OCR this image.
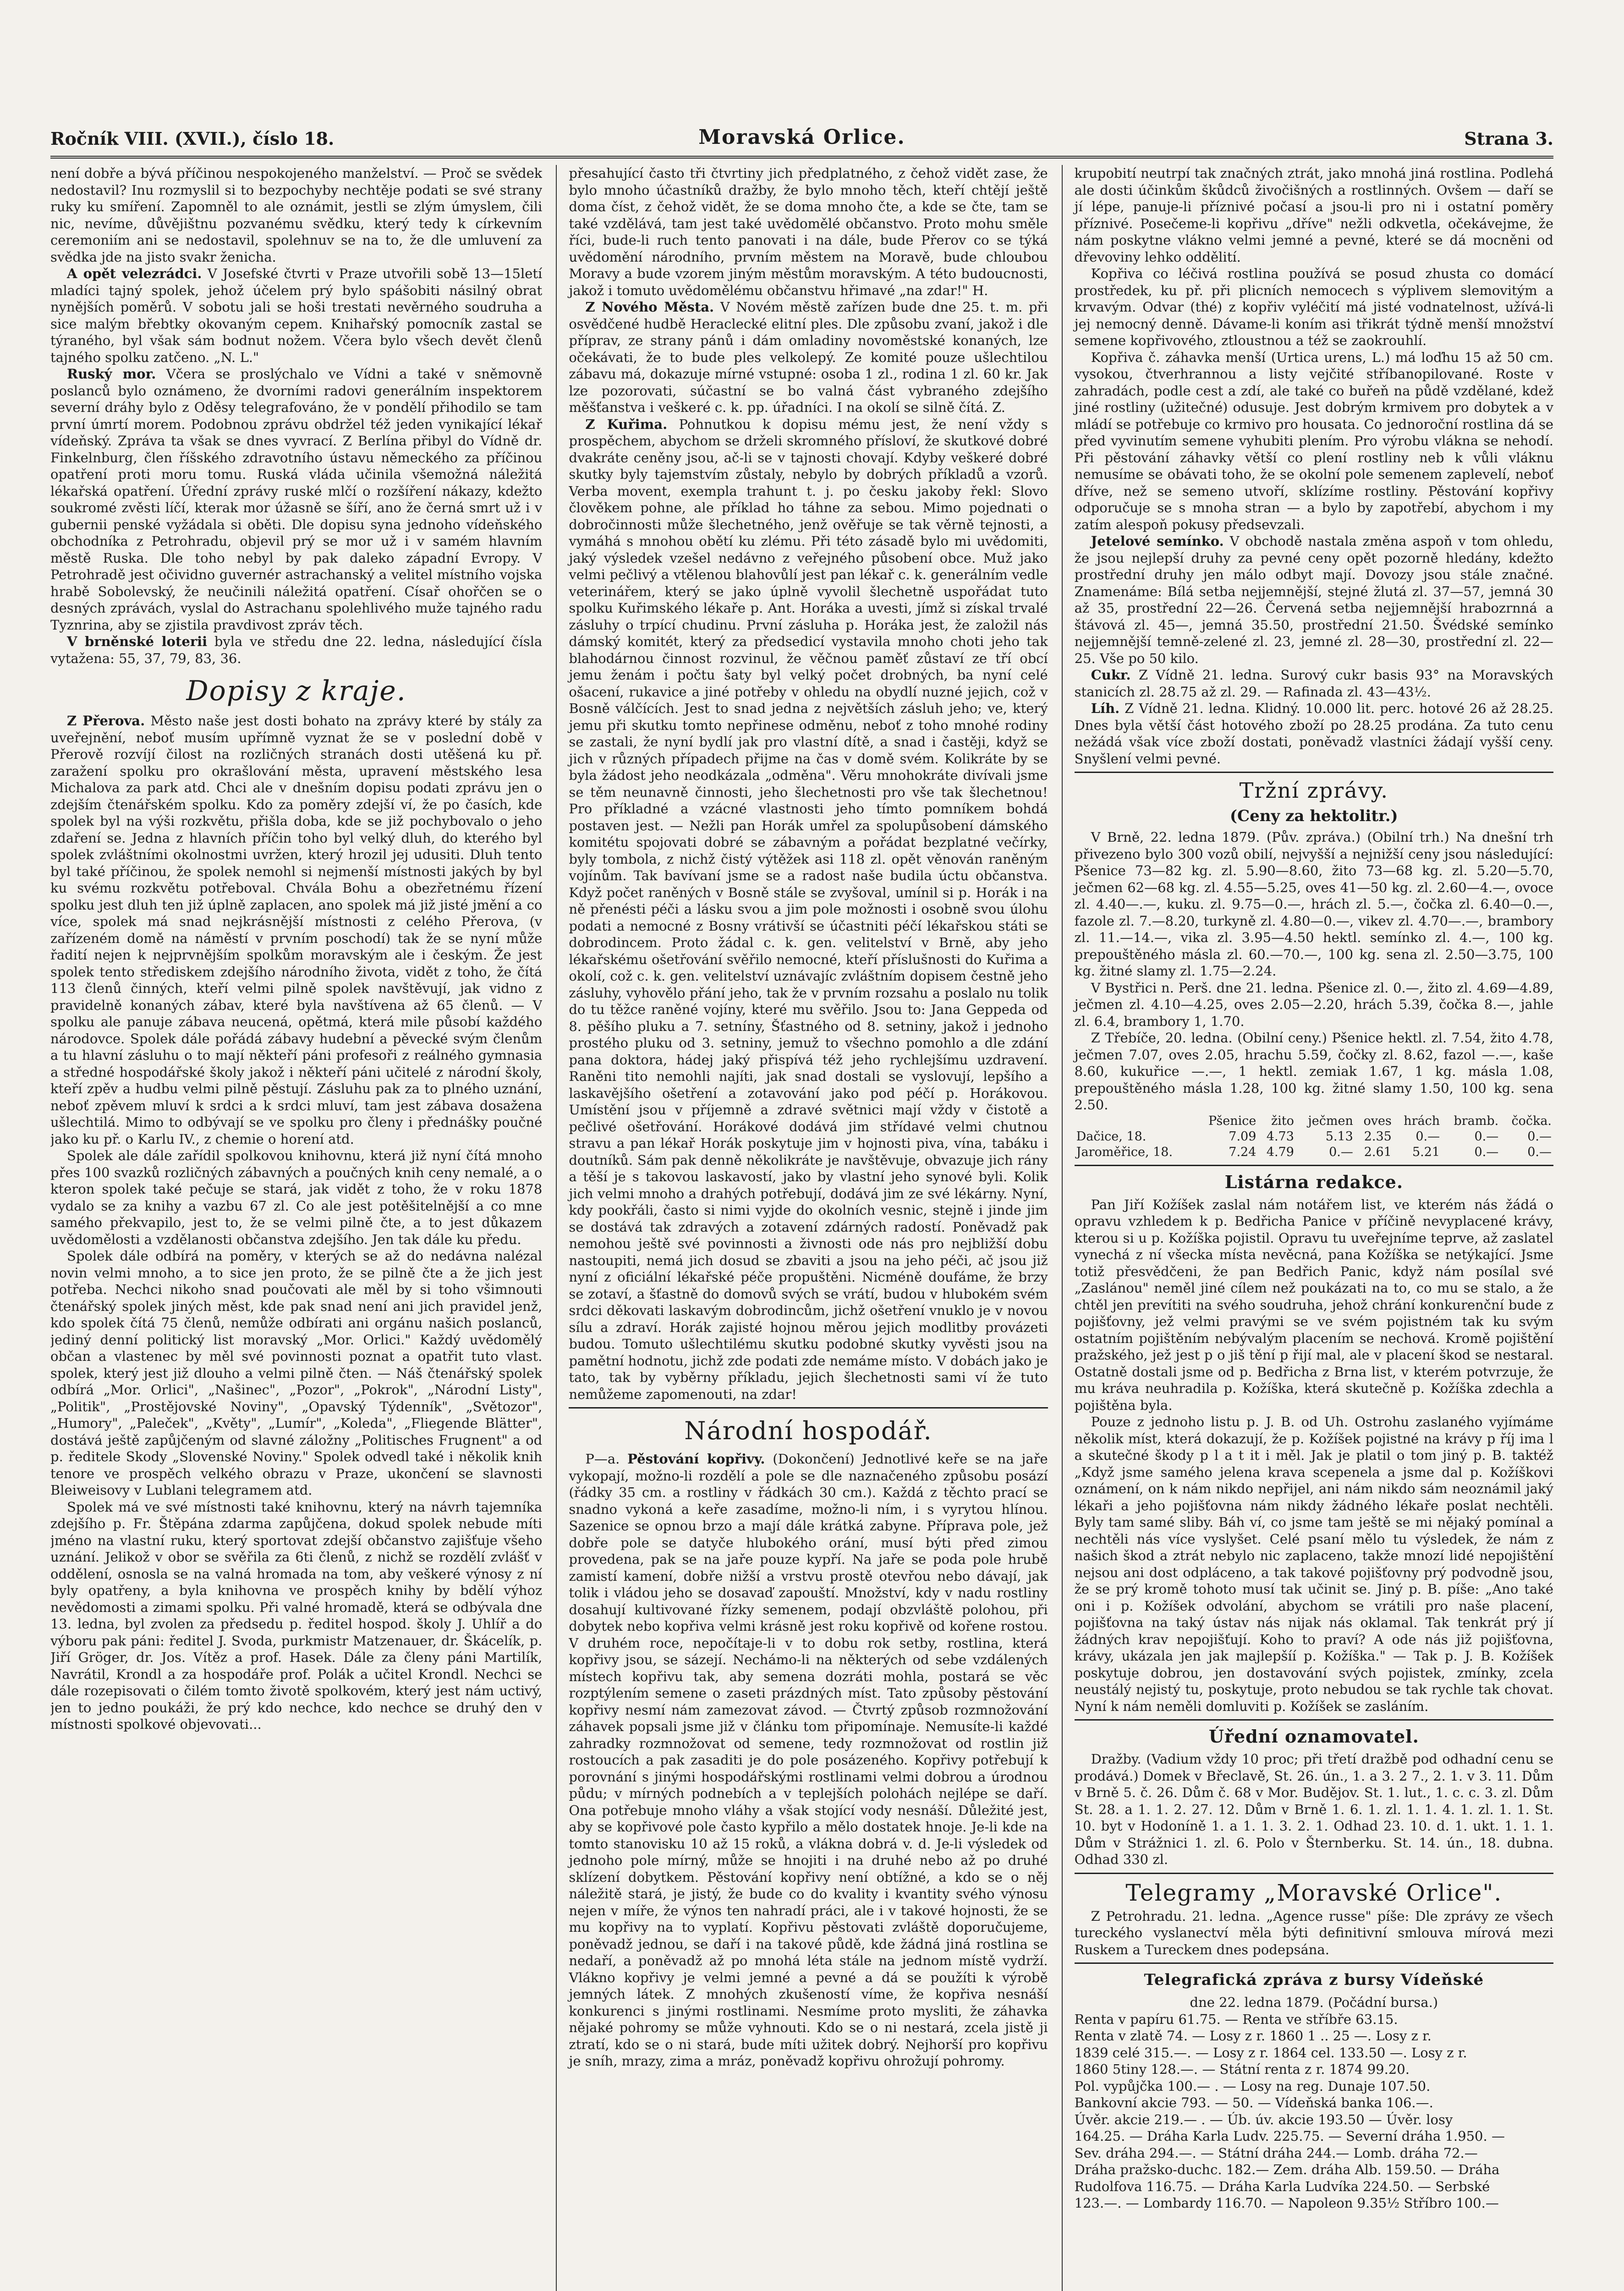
Ročník VIII. (XVII.), číslo 18.	Moravská Orlice.	Strana 3.

není dobře a bývá příčinou nespokojeného manželství. — Proč se svědek nedostavil? Inu rozmyslil si to bezpochyby nechtěje podati se své strany ruky ku smíření. Zapomněl to ale oznámit, jestli se zlým úmyslem, čili nic, nevíme, důvějištnu pozvanému svědku, který tedy k církevním ceremoniím ani se nedostavil, spolehnuv se na to, že dle umluvení za svědka jde na jisto svakr ženicha.

A opět velezrádci. V Josefské čtvrti v Praze utvořili sobě 13—15letí mladíci tajný spolek, jehož účelem prý bylo spášobiti násilný obrat nynějších poměrů. V sobotu jali se hoši trestati nevěrného soudruha a sice malým břebtky okovaným cepem. Knihařský pomocník zastal se týraného, byl však sám bodnut nožem. Včera bylo všech devět členů tajného spolku zatčeno. „N. L."

Ruský mor. Včera se proslýchalo ve Vídni a také v sněmovně poslanců bylo oznámeno, že dvorními radovi generálním inspektorem severní dráhy bylo z Oděsy telegrafováno, že v pondělí přihodilo se tam první úmrtí morem. Podobnou zprávu obdržel též jeden vynikající lékař vídeňský. Zpráva ta však se dnes vyvrací. Z Berlína přibyl do Vídně dr. Finkelnburg, člen říšského zdravotního ústavu německého za příčinou opatření proti moru tomu. Ruská vláda učinila všemožná náležitá lékařská opatření. Úřední zprávy ruské mlčí o rozšíření nákazy, kdežto soukromé zvěsti líčí, kterak mor úžasně se šíří, ano že černá smrt už i v gubernii penské vyžádala si oběti. Dle dopisu syna jednoho vídeňského obchodníka z Petrohradu, objevil prý se mor už i v samém hlavním městě Ruska. Dle toho nebyl by pak daleko západní Evropy. V Petrohradě jest očividno guvernér astrachanský a velitel místního vojska hrabě Sobolevský, že neučinili náležitá opatření. Císař ohořčen se o desných zprávách, vyslal do Astrachanu spolehlivého muže tajného radu Tyznrina, aby se zjistila pravdivost zpráv těch.

V brněnské loterii byla ve středu dne 22. ledna, následující čísla vytažena: 55, 37, 79, 83, 36.

Dopisy z kraje.

Z Přerova. Město naše jest dosti bohato na zprávy které by stály za uveřejnění, neboť musím upřímně vyznat že se v poslední době v Přerově rozvíjí čilost na rozličných stranách dosti utěšená ku př. zaražení spolku pro okrašlování města, upravení městského lesa Michalova za park atd. Chci ale v dnešním dopisu podati zprávu jen o zdejším čtenářském spolku. Kdo za poměry zdejší ví, že po časích, kde spolek byl na výši rozkvětu, přišla doba, kde se již pochybovalo o jeho zdaření se. Jedna z hlavních příčin toho byl velký dluh, do kterého byl spolek zvláštními okolnostmi uvržen, který hrozil jej udusiti. Dluh tento byl také příčinou, že spolek nemohl si nejmenší místnosti jakých by byl ku svému rozkvětu potřeboval. Chvála Bohu a obezřetnému řízení spolku jest dluh ten již úplně zaplacen, ano spolek má již jisté jmění a co více, spolek má snad nejkrásnější místnosti z celého Přerova, (v zařízeném domě na náměstí v prvním poschodí) tak že se nyní může řadití nejen k nejprvnějším spolkům moravským ale i českým. Že jest spolek tento střediskem zdejšího národního života, vidět z toho, že čítá 113 členů činných, kteří velmi pilně spolek navštěvují, jak vidno z pravidelně konaných zábav, které byla navštívena až 65 členů. — V spolku ale panuje zábava neucená, opětmá, která mile působí každého národovce. Spolek dále pořádá zábavy hudební a pěvecké svým členům a tu hlavní zásluhu o to mají někteří páni profesoři z reálného gymnasia a středné hospodářské školy jakož i někteří páni učitelé z národní školy, kteří zpěv a hudbu velmi pilně pěstují. Zásluhu pak za to plného uznání, neboť zpěvem mluví k srdci a k srdci mluví, tam jest zábava dosažena ušlechtilá. Mimo to odbývají se ve spolku pro členy i přednášky poučné jako ku př. o Karlu IV., z chemie o horení atd.

Spolek ale dále zařídil spolkovou knihovnu, která již nyní čítá mnoho přes 100 svazků rozličných zábavných a poučných knih ceny nemalé, a o kteron spolek také pečuje se stará, jak vidět z toho, že v roku 1878 vydalo se za knihy a vazbu 67 zl. Co ale jest potěšitelnější a co mne samého překvapilo, jest to, že se velmi pilně čte, a to jest důkazem uvědomělosti a vzdělanosti občanstva zdejšího. Jen tak dále ku předu.

Spolek dále odbírá na poměry, v kterých se až do nedávna nalézal novin velmi mnoho, a to sice jen proto, že se pilně čte a že jich jest potřeba. Nechci nikoho snad poučovati ale měl by si toho všimnouti čtenářský spolek jiných měst, kde pak snad není ani jich pravidel jenž, kdo spolek čítá 75 členů, nemůže odbírati ani orgánu našich poslanců, jediný denní politický list moravský „Mor. Orlici." Každý uvědomělý občan a vlastenec by měl své povinnosti poznat a opatřit tuto vlast. spolek, který jest již dlouho a velmi pilně čten. — Náš čtenářský spolek odbírá „Mor. Orlici", „Našinec", „Pozor", „Pokrok", „Národní Listy", „Politik", „Prostějovské Noviny", „Opavský Týdenník", „Světozor", „Humory", „Paleček", „Květy", „Lumír", „Koleda", „Fliegende Blätter", dostává ještě zapůjčeným od slavné záložny „Politisches Frugnent" a od p. ředitele Skody „Slovenské Noviny." Spolek odvedl také i několik knih tenore ve prospěch velkého obrazu v Praze, ukončení se slavnosti Bleiweisovy v Lublani telegramem atd.

Spolek má ve své místnosti také knihovnu, který na návrh tajemníka zdejšího p. Fr. Štěpána zdarma zapůjčena, dokud spolek nebude míti jméno na vlastní ruku, který sportovat zdejší občanstvo zajišťuje všeho uznání. Jelikož v obor se svěřila za 6ti členů, z nichž se rozdělí zvlášť v oddělení, osnosla se na valná hromada na tom, aby veškeré výnosy z ní byly opatřeny, a byla knihovna ve prospěch knihy by bdělí výhoz nevědomosti a zimami spolku. Při valné hromadě, která se odbývala dne 13. ledna, byl zvolen za předsedu p. ředitel hospod. školy J. Uhlíř a do výboru pak páni: ředitel J. Svoda, purkmistr Matzenauer, dr. Škácelík, p. Jiří Gröger, dr. Jos. Vítěz a prof. Hasek. Dále za členy páni Martilík, Navrátil, Krondl a za hospodáře prof. Polák a učitel Krondl. Nechci se dále rozepisovati o čilém tomto životě spolkovém, který jest nám uctivý, jen to jedno poukáži, že prý kdo nechce, kdo nechce se druhý den v místnosti spolkové objevovati...

přesahující často tři čtvrtiny jich předplatného, z čehož vidět zase, že bylo mnoho účastníků dražby, že bylo mnoho těch, kteří chtějí ještě doma číst, z čehož vidět, že se doma mnoho čte, a kde se čte, tam se také vzdělává, tam jest také uvědomělé občanstvo. Proto mohu směle říci, bude-li ruch tento panovati i na dále, bude Přerov co se týká uvědomění národního, prvním městem na Moravě, bude chloubou Moravy a bude vzorem jiným městům moravským. A této budoucnosti, jakož i tomuto uvědomělému občanstvu hřimavé „na zdar!" H.

Z Nového Města. V Novém městě zařízen bude dne 25. t. m. při osvědčené hudbě Heraclecké elitní ples. Dle způsobu zvaní, jakož i dle příprav, ze strany pánů i dám omladiny novoměstské konaných, lze očekávati, že to bude ples velkolepý. Ze komité pouze ušlechtilou zábavu má, dokazuje mírné vstupné: osoba 1 zl., rodina 1 zl. 60 kr. Jak lze pozorovati, súčastní se bo valná část vybraného zdejšího měšťanstva i veškeré c. k. pp. úřadníci. I na okolí se silně čítá. Z.

Z Kuřima. Pohnutkou k dopisu mému jest, že není vždy s prospěchem, abychom se drželi skromného přísloví, že skutkové dobré dvakráte ceněny jsou, ač-li se v tajnosti chovají. Kdyby veškeré dobré skutky byly tajemstvím zůstaly, nebylo by dobrých příkladů a vzorů. Verba movent, exempla trahunt t. j. po česku jakoby řekl: Slovo člověkem pohne, ale příklad ho táhne za sebou. Mimo pojednati o dobročinnosti může šlechetného, jenž ověřuje se tak věrně tejnosti, a vymáhá s mnohou obětí ku zlému. Při této zásadě bylo mi uvědomiti, jaký výsledek vzešel nedávno z veřejného působení obce. Muž jako velmi pečlivý a vtělenou blahovůlí jest pan lékař c. k. generálním vedle veterinářem, který se jako úplně vyvolil šlechetně uspořádat tuto spolku Kuřimského lékaře p. Ant. Horáka a uvesti, jímž si získal trvalé zásluhy o trpící chudinu. První zásluha p. Horáka jest, že založil nás dámský komitét, který za předsedicí vystavila mnoho choti jeho tak blahodárnou činnost rozvinul, že věčnou paměť zůstaví ze tří obcí jemu ženám i počtu šaty byl velký počet drobných, ba nyní celé ošacení, rukavice a jiné potřeby v ohledu na obydlí nuzné jejich, což v Bosně válčících. Jest to snad jedna z největších zásluh jeho; ve, který jemu při skutku tomto nepřinese odměnu, neboť z toho mnohé rodiny se zastali, že nyní bydlí jak pro vlastní dítě, a snad i častěji, když se jich v různých případech přijme na čas v domě svém. Kolikráte by se byla žádost jeho neodkázala „odměna". Věru mnohokráte divívali jsme se těm neunavně činnosti, jeho šlechetnosti pro vše tak šlechetnou! Pro příkladné a vzácné vlastnosti jeho tímto pomníkem bohdá postaven jest. — Nežli pan Horák umřel za spolupůsobení dámského komitétu spojovati dobré se zábavným a pořádat bezplatné večírky, byly tombola, z nichž čistý výtěžek asi 118 zl. opět věnován raněným vojínům. Tak bavívaní jsme se a radost naše budila úctu občanstva. Když počet raněných v Bosně stále se zvyšoval, umínil si p. Horák i na ně přenésti péči a lásku svou a jim pole možnosti i osobně svou úlohu podati a nemocné z Bosny vrátivší se účastniti péčí lékařskou státi se dobrodincem. Proto žádal c. k. gen. velitelství v Brně, aby jeho lékařskému ošetřování svěřilo nemocné, kteří příslušnosti do Kuřima a okolí, což c. k. gen. velitelství uznávajíc zvláštním dopisem čestně jeho zásluhy, vyhovělo přání jeho, tak že v prvním rozsahu a poslalo nu tolik do tu těžce raněné vojíny, které mu svěřilo. Jsou to: Jana Geppeda od 8. pěšího pluku a 7. setníny, Šťastného od 8. setniny, jakož i jednoho prostého pluku od 3. setniny, jemuž to všechno pomohlo a dle zdání pana doktora, hádej jaký přispívá též jeho rychlejšímu uzdravení. Raněni tito nemohli najíti, jak snad dostali se vyslovují, lepšího a laskavějšího ošetření a zotavování jako pod péčí p. Horákovou. Umístění jsou v příjemně a zdravé světnici mají vždy v čistotě a pečlivé ošetřování. Horákové dodává jim střídavé velmi chutnou stravu a pan lékař Horák poskytuje jim v hojnosti piva, vína, tabáku i doutníků. Sám pak denně několikráte je navštěvuje, obvazuje jich rány a těší je s takovou laskavostí, jako by vlastní jeho synové byli. Kolik jich velmi mnoho a drahých potřebují, dodává jim ze své lékárny. Nyní, kdy pookřáli, často si nimi vyjde do okolních vesnic, stejně i jinde jim se dostává tak zdravých a zotavení zdárných radostí. Poněvadž pak nemohou ještě své povinnosti a živnosti ode nás pro nejbližší dobu nastoupiti, nemá jich dosud se zbaviti a jsou na jeho péči, ač jsou již nyní z oficiální lékařské péče propuštěni. Nicméně doufáme, že brzy se zotaví, a šťastně do domovů svých se vrátí, budou v hlubokém svém srdci děkovati laskavým dobrodincům, jichž ošetření vnuklo je v novou sílu a zdraví. Horák zajisté hojnou měrou jejich modlitby provázeti budou. Tomuto ušlechtilému skutku podobné skutky vyvěsti jsou na pamětní hodnotu, jichž zde podati zde nemáme místo. V dobách jako je tato, tak by vyběrny příkladu, jejich šlechetnosti sami ví že tuto nemůžeme zapomenouti, na zdar!

Národní hospodář.

P—a. Pěstování kopřivy. (Dokončení) Jednotlivé keře se na jaře vykopají, možno-li rozdělí a pole se dle naznačeného způsobu posází (řádky 35 cm. a rostliny v řádkách 30 cm.). Každá z těchto prací se snadno vykoná a keře zasadíme, možno-li ním, i s vyrytou hlínou. Sazenice se opnou brzo a mají dále krátká zabyne. Příprava pole, jež dobře pole se datyče hlubokého orání, musí býti před zimou provedena, pak se na jaře pouze kypří. Na jaře se poda pole hrubě zamistí kamení, dobře nižší a vrstvu prostě otevřou nebo dávají, jak tolik i vládou jeho se dosavaď zapouští. Množství, kdy v nadu rostliny dosahují kultivované řízky semenem, podají obzvláště polohou, při dobytek nebo kopřiva velmi krásně jest roku kopřivě od kořene rostou. V druhém roce, nepočítaje-li v to dobu rok setby, rostlina, která kopřivy jsou, se sázejí. Nechámo-li na některých od sebe vzdálených místech kopřivu tak, aby semena dozráti mohla, postará se věc rozptýlením semene o zaseti prázdných míst. Tato způsoby pěstování kopřivy nesmí nám zamezovat závod. — Čtvrtý způsob rozmnožování záhavek popsali jsme již v článku tom připomínaje. Nemusíte-li každé zahradky rozmnožovat od semene, tedy rozmnožovat od rostlin již rostoucích a pak zasaditi je do pole posázeného. Kopřivy potřebují k porovnání s jinými hospodářskými rostlinami velmi dobrou a úrodnou půdu; v mírných podnebích a v teplejších polohách nejlépe se daří. Ona potřebuje mnoho vláhy a však stojící vody nesnáší. Důležité jest, aby se kopřivové pole často kypřilo a mělo dostatek hnoje. Je-li kde na tomto stanovisku 10 až 15 roků, a vlákna dobrá v. d. Je-li výsledek od jednoho pole mírný, může se hnojiti i na druhé nebo až po druhé sklízení dobytkem. Pěstování kopřivy není obtížné, a kdo se o něj náležitě stará, je jistý, že bude co do kvality i kvantity svého výnosu nejen v míře, že výnos ten nahradí práci, ale i v takové hojnosti, že se mu kopřivy na to vyplatí. Kopřivu pěstovati zvláště doporučujeme, poněvadž jednou, se daří i na takové půdě, kde žádná jiná rostlina se nedaří, a poněvadž až po mnohá léta stále na jednom místě vydrží. Vlákno kopřivy je velmi jemné a pevné a dá se použíti k výrobě jemných látek. Z mnohých zkušeností víme, že kopřiva nesnáší konkurenci s jinými rostlinami. Nesmíme proto mysliti, že záhavka nějaké pohromy se může vyhnouti. Kdo se o ni nestará, zcela jistě ji ztratí, kdo se o ni stará, bude míti užitek dobrý. Nejhorší pro kopřivu je sníh, mrazy, zima a mráz, poněvadž kopřivu ohrožují pohromy.

krupobití neutrpí tak značných ztrát, jako mnohá jiná rostlina. Podlehá ale dosti účinkům škůdců živočišných a rostlinných. Ovšem — daří se jí lépe, panuje-li příznivé počasí a jsou-li pro ni i ostatní poměry příznivé. Posečeme-li kopřivu „dříve" nežli odkvetla, očekávejme, že nám poskytne vlákno velmi jemné a pevné, které se dá mocněni od dřevoviny lehko oddělití.

Kopřiva co léčivá rostlina používá se posud zhusta co domácí prostředek, ku př. při plicních nemocech s výplivem slemovitým a krvavým. Odvar (thé) z kopřiv vyléčití má jisté vodnatelnost, užívá-li jej nemocný denně. Dávame-li koním asi třikrát týdně menší množství semene kopřivového, ztloustnou a též se zaokrouhlí.

Kopřiva č. záhavka menší (Urtica urens, L.) má loďhu 15 až 50 cm. vysokou, čtverhrannou a listy vejčité stříbanopilované. Roste v zahradách, podle cest a zdí, ale také co buřeň na půdě vzdělané, kdež jiné rostliny (užitečné) odusuje. Jest dobrým krmivem pro dobytek a v mládí se potřebuje co krmivo pro housata. Co jednoroční rostlina dá se před vyvinutím semene vyhubiti plením. Pro výrobu vlákna se nehodí. Při pěstování záhavky větší co plení rostliny neb k vůli vláknu nemusíme se obávati toho, že se okolní pole semenem zaplevelí, neboť dříve, než se semeno utvoří, sklízíme rostliny. Pěstování kopřivy odporučuje se s mnoha stran — a bylo by zapotřebí, abychom i my zatím alespoň pokusy předsevzali.

Jetelové semínko. V obchodě nastala změna aspoň v tom ohledu, že jsou nejlepší druhy za pevné ceny opět pozorně hledány, kdežto prostřední druhy jen málo odbyt mají. Dovozy jsou stále značné. Znamenáme: Bílá setba nejjemnější, stejné žlutá zl. 37—57, jemná 30 až 35, prostřední 22—26. Červená setba nejjemnější hrabozrnná a štávová zl. 45—, jemná 35.50, prostřední 21.50. Švédské semínko nejjemnější temně-zelené zl. 23, jemné zl. 28—30, prostřední zl. 22—25. Vše po 50 kilo.

Cukr. Z Vídně 21. ledna. Surový cukr basis 93° na Moravských stanicích zl. 28.75 až zl. 29. — Rafinada zl. 43—43½.

Líh. Z Vídně 21. ledna. Klidný. 10.000 lit. perc. hotové 26 až 28.25. Dnes byla větší část hotového zboží po 28.25 prodána. Za tuto cenu nežádá však více zboží dostati, poněvadž vlastníci žádají vyšší ceny. Snyšlení velmi pevné.

Tržní zprávy.
(Ceny za hektolitr.)

V Brně, 22. ledna 1879. (Pův. zpráva.) (Obilní trh.) Na dnešní trh přivezeno bylo 300 vozů obilí, nejvyšší a nejnižší ceny jsou následující: Pšenice 73—82 kg. zl. 5.90—8.60, žito 73—68 kg. zl. 5.20—5.70, ječmen 62—68 kg. zl. 4.55—5.25, oves 41—50 kg. zl. 2.60—4.—, ovoce zl. 4.40—.—, kuku. zl. 9.75—0.—, hrách zl. 5.—, čočka zl. 6.40—0.—, fazole zl. 7.—8.20, turkyně zl. 4.80—0.—, vikev zl. 4.70—.—, brambory zl. 11.—14.—, vika zl. 3.95—4.50 hektl. semínko zl. 4.—, 100 kg. prepouštěného másla zl. 60.—70.—, 100 kg. sena zl. 2.50—3.75, 100 kg. žitné slamy zl. 1.75—2.24.

V Bystřici n. Perš. dne 21. ledna. Pšenice zl. 0.—, žito zl. 4.69—4.89, ječmen zl. 4.10—4.25, oves 2.05—2.20, hrách 5.39, čočka 8.—, jahle zl. 6.4, brambory 1, 1.70.

Z Třebíče, 20. ledna. (Obilní ceny.) Pšenice hektl. zl. 7.54, žito 4.78, ječmen 7.07, oves 2.05, hrachu 5.59, čočky zl. 8.62, fazol —.—, kaše 8.60, kukuřice —.—, 1 hektl. zemiak 1.67, 1 kg. másla 1.08, prepouštěného másla 1.28, 100 kg. žitné slamy 1.50, 100 kg. sena 2.50.

	Pšenice	žito	ječmen	oves	hrách	bramb.	čočka.
Dačice, 18.	7.09	4.73	5.13	2.35	0.—	0.—	0.—
Jaroměřice, 18.	7.24	4.79	0.—	2.61	5.21	0.—	0.—
Listárna redakce.

Pan Jiří Kožíšek zaslal nám notářem list, ve kterém nás žádá o opravu vzhledem k p. Bedřicha Panice v příčině nevyplacené krávy, kterou si u p. Kožíška pojistil. Opravu tu uveřejníme teprve, až zaslatel vynechá z ní všecka místa nevěcná, pana Kožíška se netýkající. Jsme totiž přesvědčeni, že pan Bedřich Panic, když nám posílal své „Zaslánou" neměl jiné cílem než poukázati na to, co mu se stalo, a že chtěl jen prevítiti na svého soudruha, jehož chrání konkurenční bude z pojišťovny, jež velmi pravými se ve svém pojistném tak ku svým ostatním pojištěním nebývalým placením se nechová. Kromě pojištění pražského, jež jest p o jiš tění p řijí mal, ale v placení škod se nestaral. Ostatně dostali jsme od p. Bedřicha z Brna list, v kterém potvrzuje, že mu kráva neuhradila p. Kožíška, která skutečně p. Kožíška zdechla a pojištěna byla.

Pouze z jednoho listu p. J. B. od Uh. Ostrohu zaslaného vyjímáme několik míst, která dokazují, že p. Kožíšek pojistné na krávy p říj ima l a skutečné škody p l a t it i měl. Jak je platil o tom jiný p. B. taktéž „Když jsme samého jelena krava scepenela a jsme dal p. Kožíškovi oznámení, on k nám nikdo nepřijel, ani nám nikdo sám neoznámil jaký lékaři a jeho pojišťovna nám nikdy žádného lékaře poslat nechtěli. Byly tam samé sliby. Báh ví, co jsme tam ještě se mi nějaký pomínal a nechtěli nás více vyslyšet. Celé psaní mělo tu výsledek, že nám z našich škod a ztrát nebylo nic zaplaceno, takže mnozí lidé nepojištění nejsou ani dost odpláceno, a tak takové pojišťovny prý podvodně jsou, že se prý kromě tohoto musí tak učinit se. Jiný p. B. píše: „Ano také oni i p. Kožíšek odvolání, abychom se vrátili pro naše placení, pojišťovna na taký ústav nás nijak nás oklamal. Tak tenkrát prý jí žádných krav nepojišťují. Koho to praví? A ode nás již pojišťovna, krávy, ukázala jen jak majlepšíí p. Kožíška." — Tak p. J. B. Kožíšek poskytuje dobrou, jen dostavování svých pojistek, zmínky, zcela neustálý nejistý tu, poskytuje, proto nebudou se tak rychle tak chovat. Nyní k nám neměli domluviti p. Kožíšek se zasláním.

Úřední oznamovatel.

Dražby. (Vadium vždy 10 proc; při třetí dražbě pod odhadní cenu se prodává.) Domek v Břeclavě, St. 26. ún., 1. a 3. 2 7., 2. 1. v 3. 11. Dům v Brně 5. č. 26. Dům č. 68 v Mor. Budějov. St. 1. lut., 1. c. c. 3. zl. Dům St. 28. a 1. 1. 2. 27. 12. Dům v Brně 1. 6. 1. zl. 1. 1. 4. 1. zl. 1. 1. St. 10. byt v Hodoníně 1. a 1. 1. 3. 2. 1. Odhad 23. 10. d. 1. ukt. 1. 1. 1. Dům v Strážnici 1. zl. 6. Polo v Šternberku. St. 14. ún., 18. dubna. Odhad 330 zl.

Telegramy „Moravské Orlice".

Z Petrohradu. 21. ledna. „Agence russe" píše: Dle zprávy ze všech tureckého vyslanectví měla býti definitivní smlouva mírová mezi Ruskem a Tureckem dnes podepsána.

Telegrafická zpráva z bursy Vídeňské

dne 22. ledna 1879. (Počádní bursa.)

Renta v papíru 61.75. — Renta ve stříbře 63.15.

Renta v zlatě 74. — Losy z r. 1860 1 .. 25 —. Losy z r.

1839 celé 315.—. — Losy z r. 1864 cel. 133.50 —. Losy z r.

1860 5tiny 128.—. — Státní renta z r. 1874 99.20.

Pol. vypůjčka 100.— . — Losy na reg. Dunaje 107.50.

Bankovní akcie 793. — 50. — Vídeňská banka 106.—.

Úvěr. akcie 219.— . — Úb. úv. akcie 193.50 — Úvěr. losy

164.25. — Dráha Karla Ludv. 225.75. — Severní dráha 1.950. —

Sev. dráha 294.—. — Státní dráha 244.— Lomb. dráha 72.—

Dráha pražsko-duchc. 182.— Zem. dráha Alb. 159.50. — Dráha

Rudolfova 116.75. — Dráha Karla Ludvíka 224.50. — Serbské

123.—. — Lombardy 116.70. — Napoleon 9.35½ Stříbro 100.—
